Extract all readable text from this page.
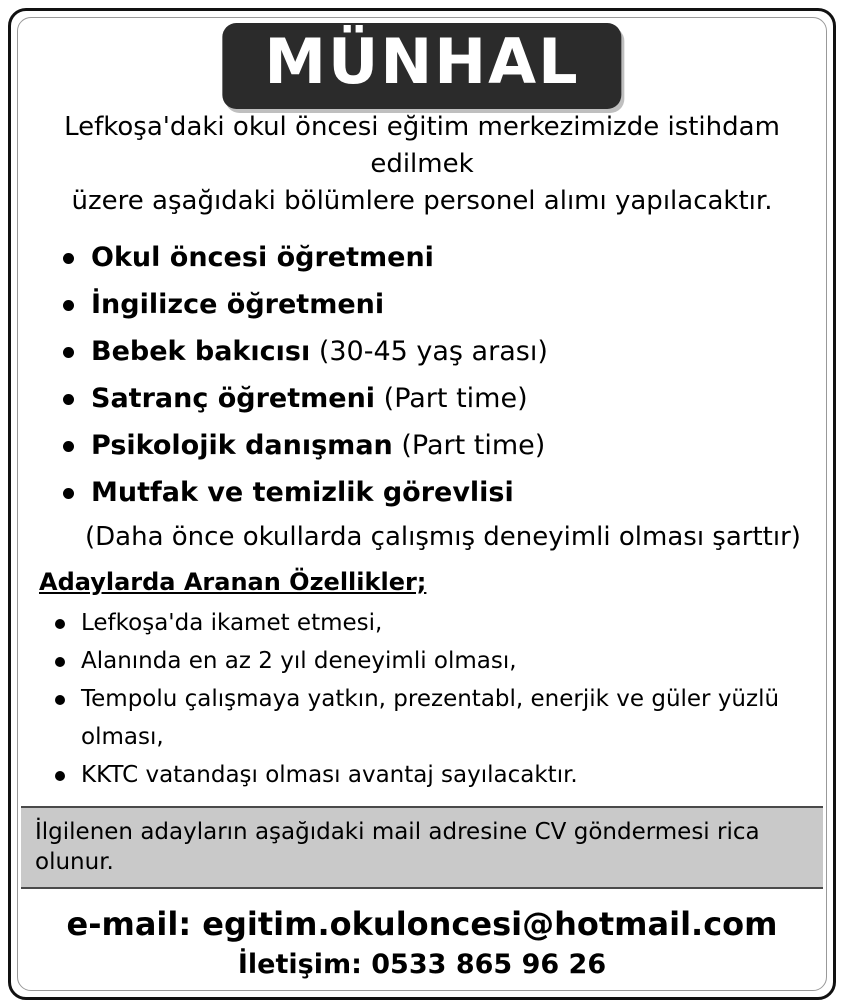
MÜNHAL
Lefkoşa'daki okul öncesi eğitim merkezimizde istihdam edilmek
üzere aşağıdaki bölümlere personel alımı yapılacaktır.
Okul öncesi öğretmeni
İngilizce öğretmeni
Bebek bakıcısı (30-45 yaş arası)
Satranç öğretmeni (Part time)
Psikolojik danışman (Part time)
Mutfak ve temizlik görevlisi
(Daha önce okullarda çalışmış deneyimli olması şarttır)
Adaylarda Aranan Özellikler;
Lefkoşa'da ikamet etmesi,
Alanında en az 2 yıl deneyimli olması,
Tempolu çalışmaya yatkın, prezentabl, enerjik ve güler yüzlü olması,
KKTC vatandaşı olması avantaj sayılacaktır.
İlgilenen adayların aşağıdaki mail adresine CV göndermesi rica olunur.
e-mail: egitim.okuloncesi@hotmail.com
İletişim: 0533 865 96 26
